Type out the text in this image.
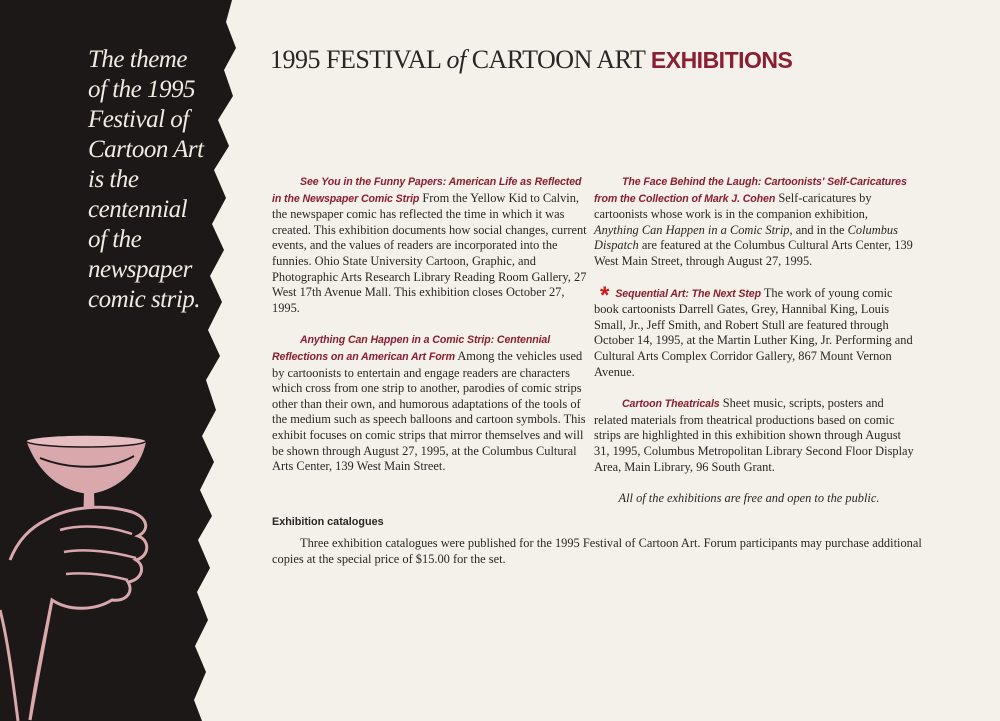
The theme
of the 1995
Festival of
Cartoon Art
is the
centennial
of the
newspaper
comic strip.
1995 FESTIVAL of CARTOON ART EXHIBITIONS

See You in the Funny Papers: American Life as Reflected in the Newspaper Comic Strip From the Yellow Kid to Calvin, the newspaper comic has reflected the time in which it was created. This exhibition documents how social changes, current events, and the values of readers are incorporated into the funnies. Ohio State University Cartoon, Graphic, and Photographic Arts Research Library Reading Room Gallery, 27 West 17th Avenue Mall. This exhibition closes October 27, 1995.

Anything Can Happen in a Comic Strip: Centennial Reflections on an American Art Form Among the vehicles used by cartoonists to entertain and engage readers are characters which cross from one strip to another, parodies of comic strips other than their own, and humorous adaptations of the tools of the medium such as speech balloons and cartoon symbols. This exhibit focuses on comic strips that mirror themselves and will be shown through August 27, 1995, at the Columbus Cultural Arts Center, 139 West Main Street.

The Face Behind the Laugh: Cartoonists' Self-Caricatures from the Collection of Mark J. Cohen Self-caricatures by cartoonists whose work is in the companion exhibition, Anything Can Happen in a Comic Strip, and in the Columbus Dispatch are featured at the Columbus Cultural Arts Center, 139 West Main Street, through August 27, 1995.

* Sequential Art: The Next Step The work of young comic book cartoonists Darrell Gates, Grey, Hannibal King, Louis Small, Jr., Jeff Smith, and Robert Stull are featured through October 14, 1995, at the Martin Luther King, Jr. Performing and Cultural Arts Complex Corridor Gallery, 867 Mount Vernon Avenue.

Cartoon Theatricals Sheet music, scripts, posters and related materials from theatrical productions based on comic strips are highlighted in this exhibition shown through August 31, 1995, Columbus Metropolitan Library Second Floor Display Area, Main Library, 96 South Grant.

All of the exhibitions are free and open to the public.

Exhibition catalogues
Three exhibition catalogues were published for the 1995 Festival of Cartoon Art. Forum participants may purchase additional copies at the special price of $15.00 for the set.
